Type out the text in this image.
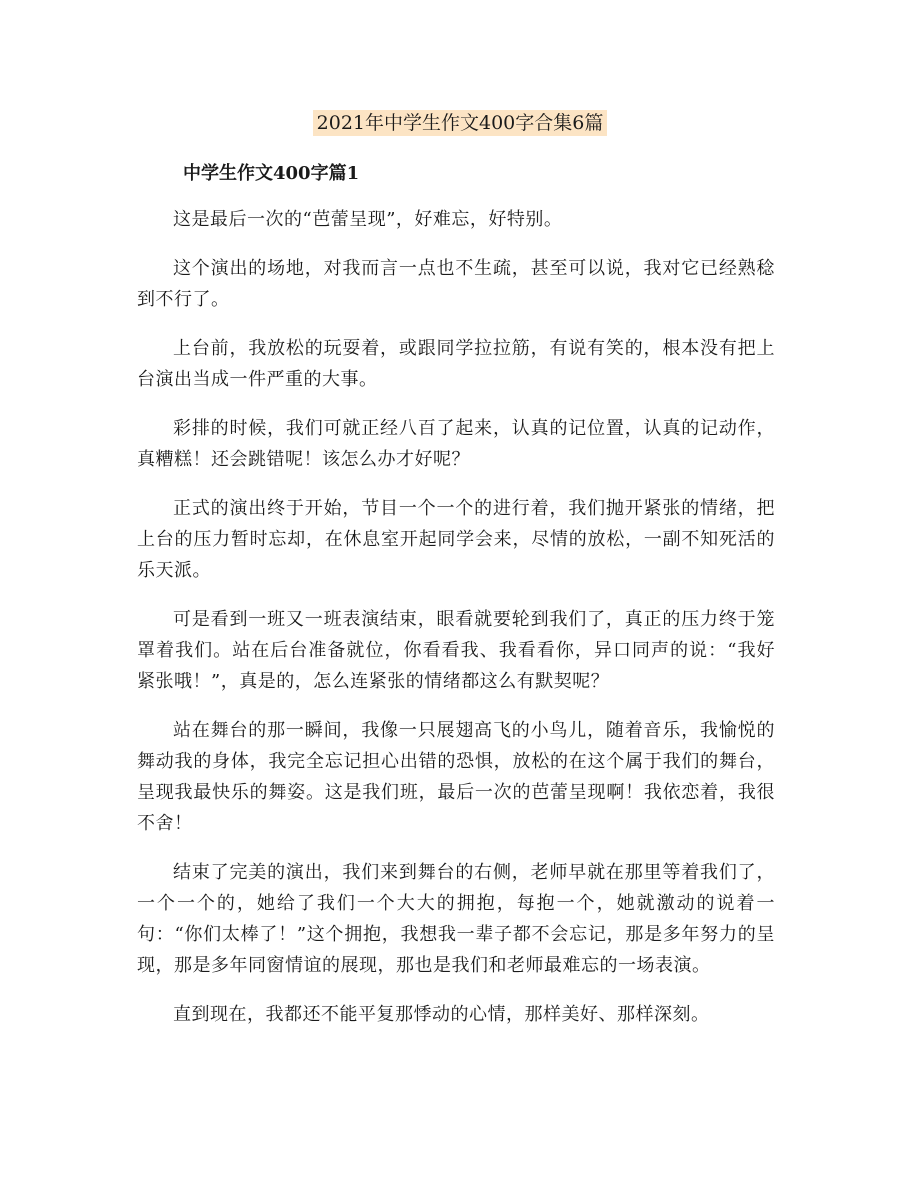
2021年中学生作文400字合集6篇
中学生作文400字篇1

这是最后一次的“芭蕾呈现”，好难忘，好特别。

这个演出的场地，对我而言一点也不生疏，甚至可以说，我对它已经熟稔到不行了。

上台前，我放松的玩耍着，或跟同学拉拉筋，有说有笑的，根本没有把上台演出当成一件严重的大事。

彩排的时候，我们可就正经八百了起来，认真的记位置，认真的记动作，真糟糕！还会跳错呢！该怎么办才好呢？

正式的演出终于开始，节目一个一个的进行着，我们抛开紧张的情绪，把上台的压力暂时忘却，在休息室开起同学会来，尽情的放松，一副不知死活的乐天派。

可是看到一班又一班表演结束，眼看就要轮到我们了，真正的压力终于笼罩着我们。站在后台准备就位，你看看我、我看看你，异口同声的说：“我好紧张哦！”，真是的，怎么连紧张的情绪都这么有默契呢？

站在舞台的那一瞬间，我像一只展翅高飞的小鸟儿，随着音乐，我愉悦的舞动我的身体，我完全忘记担心出错的恐惧，放松的在这个属于我们的舞台，呈现我最快乐的舞姿。这是我们班，最后一次的芭蕾呈现啊！我依恋着，我很不舍！

结束了完美的演出，我们来到舞台的右侧，老师早就在那里等着我们了，一个一个的，她给了我们一个大大的拥抱，每抱一个，她就激动的说着一句：“你们太棒了！”这个拥抱，我想我一辈子都不会忘记，那是多年努力的呈现，那是多年同窗情谊的展现，那也是我们和老师最难忘的一场表演。

直到现在，我都还不能平复那悸动的心情，那样美好、那样深刻。
